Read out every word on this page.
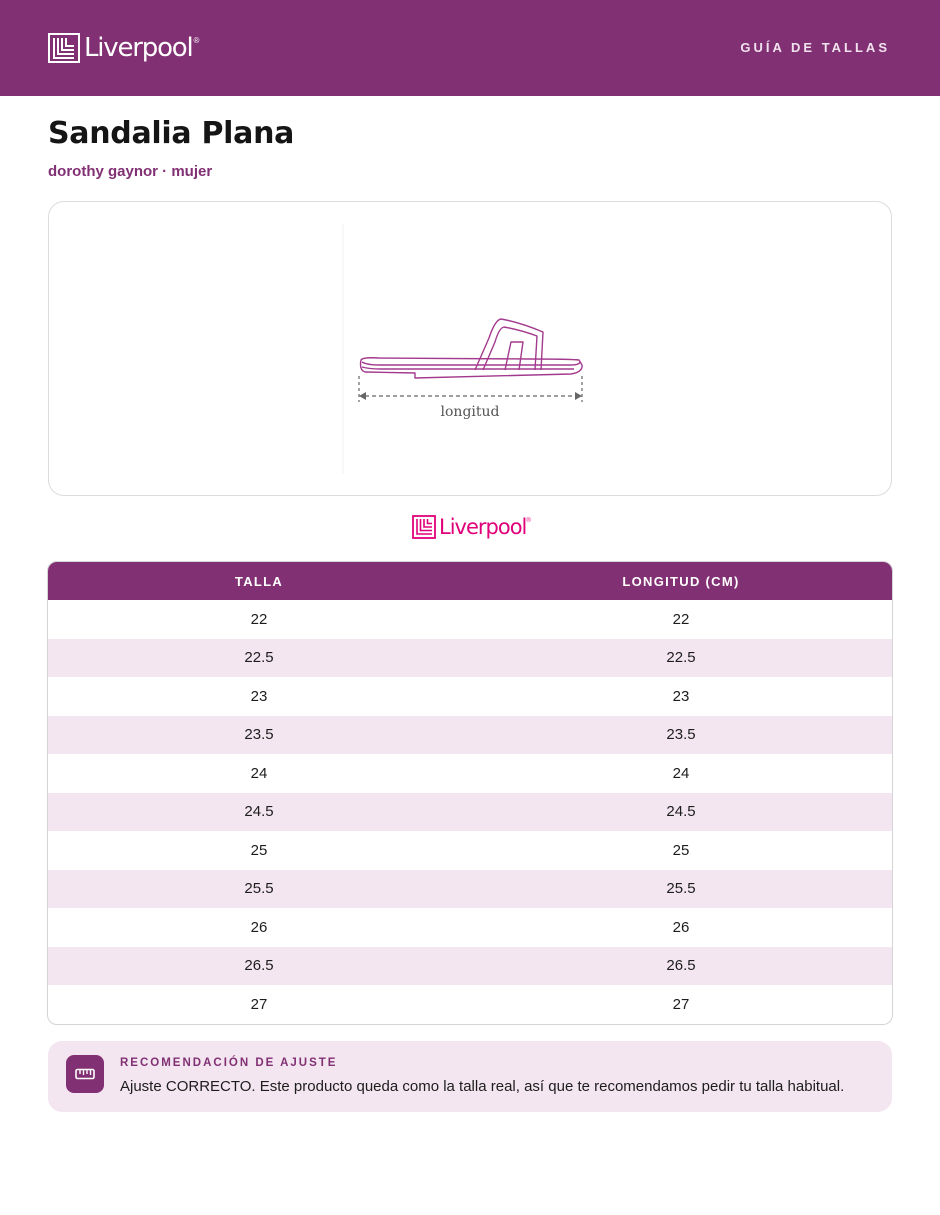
Liverpool ®	GUÍA DE TALLAS
Sandalia Plana
dorothy gaynor · mujer
longitud
Liverpool ®
TALLA	LONGITUD (CM)
22	22
22.5	22.5
23	23
23.5	23.5
24	24
24.5	24.5
25	25
25.5	25.5
26	26
26.5	26.5
27	27
RECOMENDACIÓN DE AJUSTE
Ajuste CORRECTO. Este producto queda como la talla real, así que te recomendamos pedir tu talla habitual.
